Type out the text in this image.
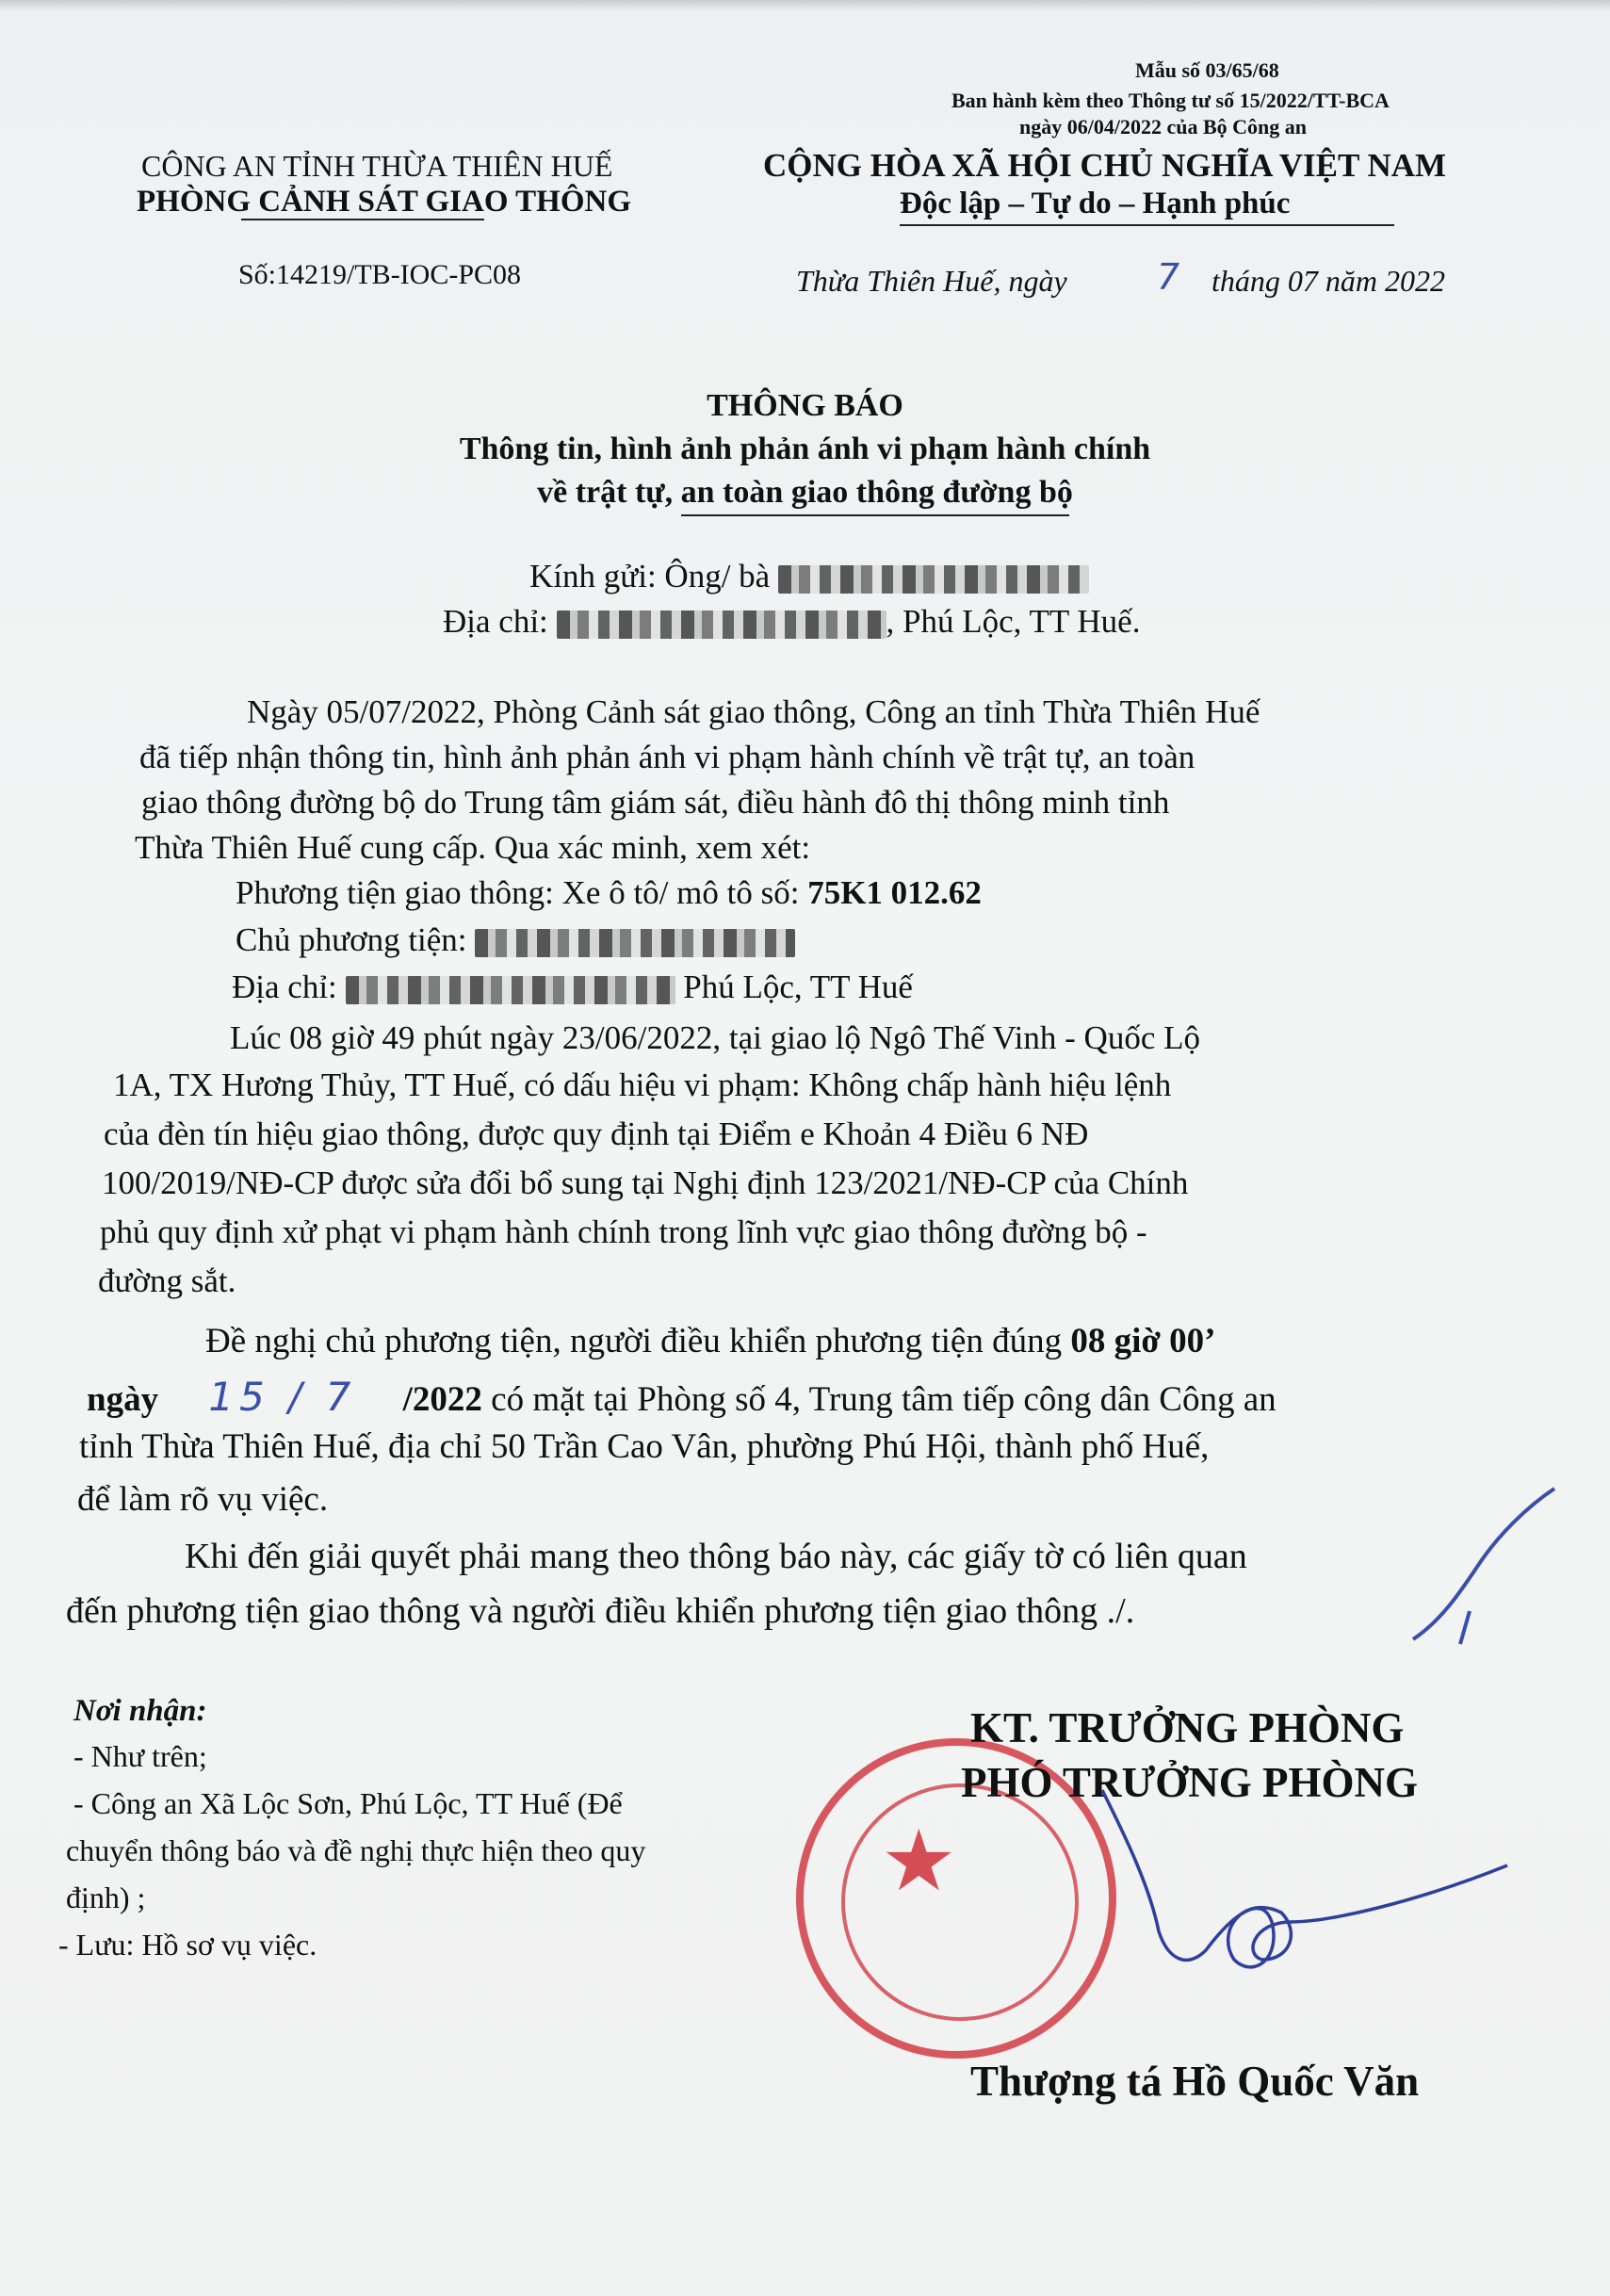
Mẫu số 03/65/68
Ban hành kèm theo Thông tư số 15/2022/TT-BCA
ngày 06/04/2022 của Bộ Công an
CÔNG AN TỈNH THỪA THIÊN HUẾ
PHÒNG CẢNH SÁT GIAO THÔNG
Số:14219/TB-IOC-PC08
CỘNG HÒA XÃ HỘI CHỦ NGHĨA VIỆT NAM
Độc lập – Tự do – Hạnh phúc
Thừa Thiên Huế, ngày	7 tháng 07 năm 2022
THÔNG BÁO
Thông tin, hình ảnh phản ánh vi phạm hành chính
về trật tự, an toàn giao thông đường bộ
Kính gửi: Ông/ bà
Địa chỉ:	, Phú Lộc, TT Huế.
Ngày 05/07/2022, Phòng Cảnh sát giao thông, Công an tỉnh Thừa Thiên Huế
đã tiếp nhận thông tin, hình ảnh phản ánh vi phạm hành chính về trật tự, an toàn
giao thông đường bộ do Trung tâm giám sát, điều hành đô thị thông minh tỉnh
Thừa Thiên Huế cung cấp. Qua xác minh, xem xét:
Phương tiện giao thông: Xe ô tô/ mô tô số: 75K1 012.62
Chủ phương tiện:
Địa chỉ:	Phú Lộc, TT Huế
Lúc 08 giờ 49 phút ngày 23/06/2022, tại giao lộ Ngô Thế Vinh - Quốc Lộ
1A, TX Hương Thủy, TT Huế, có dấu hiệu vi phạm: Không chấp hành hiệu lệnh
của đèn tín hiệu giao thông, được quy định tại Điểm e Khoản 4 Điều 6 NĐ
100/2019/NĐ-CP được sửa đổi bổ sung tại Nghị định 123/2021/NĐ-CP của Chính
phủ quy định xử phạt vi phạm hành chính trong lĩnh vực giao thông đường bộ -
đường sắt.
Đề nghị chủ phương tiện, người điều khiển phương tiện đúng 08 giờ 00’
ngày 15 / 7 /2022 có mặt tại Phòng số 4, Trung tâm tiếp công dân Công an
tỉnh Thừa Thiên Huế, địa chỉ 50 Trần Cao Vân, phường Phú Hội, thành phố Huế,
để làm rõ vụ việc.
Khi đến giải quyết phải mang theo thông báo này, các giấy tờ có liên quan
đến phương tiện giao thông và người điều khiển phương tiện giao thông ./.
Nơi nhận:
- Như trên;
- Công an Xã Lộc Sơn, Phú Lộc, TT Huế (Để
chuyển thông báo và đề nghị thực hiện theo quy
định) ;
- Lưu: Hồ sơ vụ việc.
★
KT. TRƯỞNG PHÒNG
PHÓ TRƯỞNG PHÒNG
Thượng tá Hồ Quốc Văn
